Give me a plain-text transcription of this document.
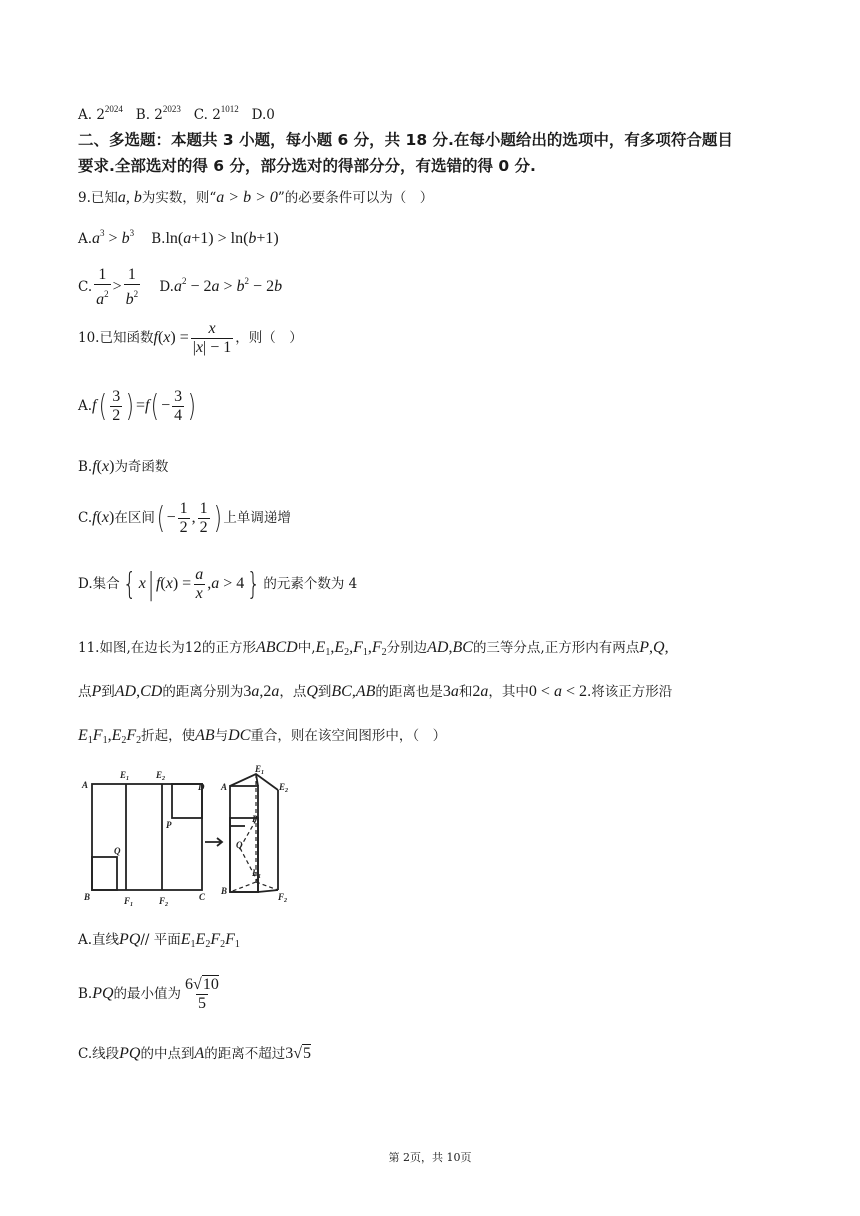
A. $2^{2024}$ B. $2^{2023}$ C. $2^{1012}$ D.0
二、多选题：本题共 3 小题，每小题 6 分，共 18 分.在每小题给出的选项中，有多项符合题目
要求.全部选对的得 6 分，部分选对的得部分分，有选错的得 0 分.
9.已知a, b为实数，则“a > b > 0”的必要条件可以为（　）
$A.a^3 > b^3$ B.ln(a+1) > ln(b+1)
C. $\frac{1}{a^2} > \frac{1}{b^2} D.a^2 - 2a > b^2 - 2b$
10.已知函数$f(x) = \frac{x}{|x| - 1}$ ，则（　）
$A.f( \frac{3}{2}$ ) $=f( - \frac{3}{4}$ )
B.f(x)为奇函数
C.f(x)在区间( − $\frac{1}{2}$ , $\frac{1}{2}$ ) 上单调递增
D.集合{ $x|f(x) = \frac{a}{x} ,a > 4$} 的元素个数为 4
11.如图,在边长为12的正方形ABCD中$,E_1,E_2,F_1,F_2$分别边AD,BC的三等分点,正方形内有两点P,Q,
点P到AD,CD的距离分别为3a,2a，点Q到BC,AB的距离也是3a和2a，其中0 < a < 2.将该正方形沿
$E_1F_1,E_2F_2$折起，使AB与DC重合，则在该空间图形中，（　）
A
E 1	E 2
D
P
Q
B	C
F 1	F 2
A
E 1
E 2
P
Q
B
F 1
F 2
A.直线PQ// 平面$E_1E_2F_2F_1$
B.PQ的最小值为 $\frac{6√10}{5}$
C.线段PQ的中点到A的距离不超过3√5
第 2页，共 10页
